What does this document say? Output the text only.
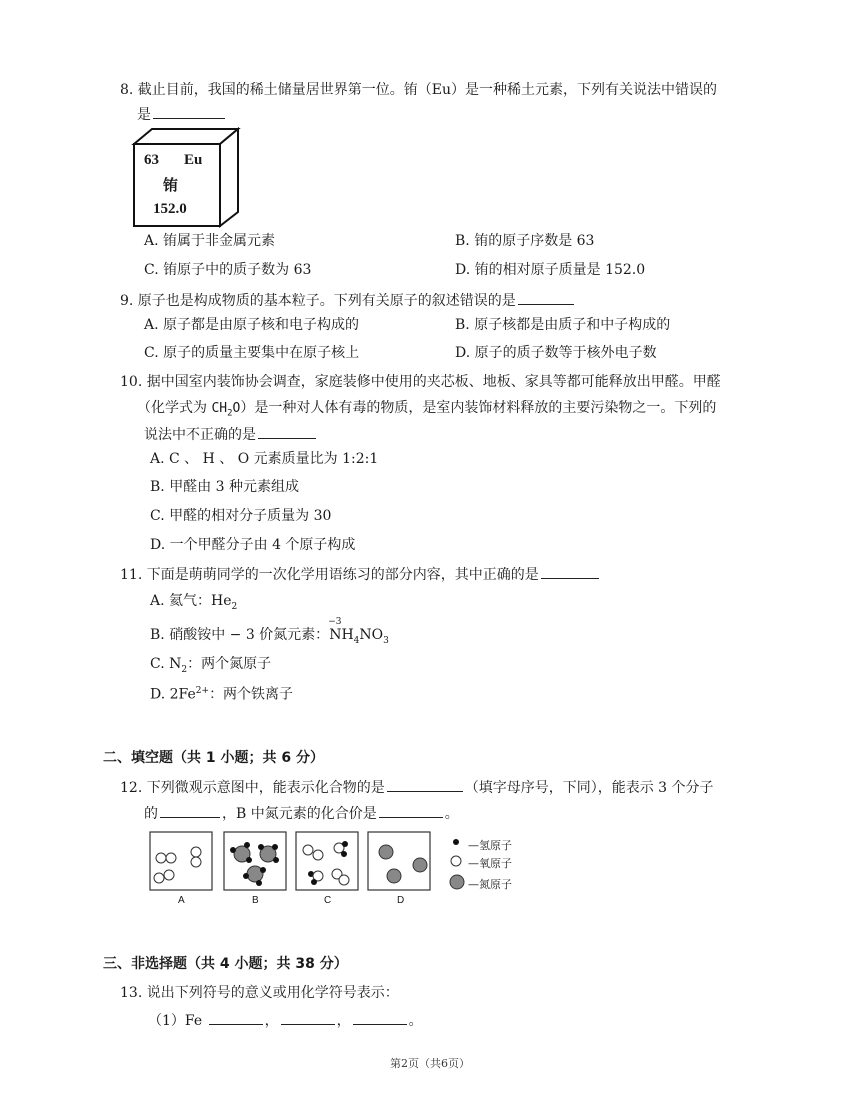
8. 截止目前，我国的稀土储量居世界第一位。铕（Eu）是一种稀土元素，下列有关说法中错误的
是
63 Eu
铕
152.0
A. 铕属于非金属元素	B. 铕的原子序数是 63
C. 铕原子中的质子数为 63	D. 铕的相对原子质量是 152.0
9. 原子也是构成物质的基本粒子。下列有关原子的叙述错误的是
A. 原子都是由原子核和电子构成的	B. 原子核都是由质子和中子构成的
C. 原子的质量主要集中在原子核上	D. 原子的质子数等于核外电子数
10. 据中国室内装饰协会调查，家庭装修中使用的夹芯板、地板、家具等都可能释放出甲醛。甲醛
（化学式为 $CH_2O$）是一种对人体有毒的物质，是室内装饰材料释放的主要污染物之一。下列的
说法中不正确的是
A. C 、 H 、 O 元素质量比为 1:2:1
B. 甲醛由 3 种元素组成
C. 甲醛的相对分子质量为 30
D. 一个甲醛分子由 4 个原子构成
11. 下面是萌萌同学的一次化学用语练习的部分内容，其中正确的是
A. 氦气：$He_2$
B. 硝酸铵中 − 3 价氮元素：
−3
$NH_4NO_3$
C. $N_2$：两个氮原子
D. $2Fe^{2+}$：两个铁离子
二、填空题（共 1 小题；共 6 分）
12. 下列微观示意图中，能表示化合物的是	（填字母序号，下同），能表示 3 个分子
的	，B 中氮元素的化合价是	。
—氢原子
—氧原子
—氮原子
A	B	C	D
三、非选择题（共 4 小题；共 38 分）
13. 说出下列符号的意义或用化学符号表示：
（1）Fe	，	，	。
第2页（共6页）
